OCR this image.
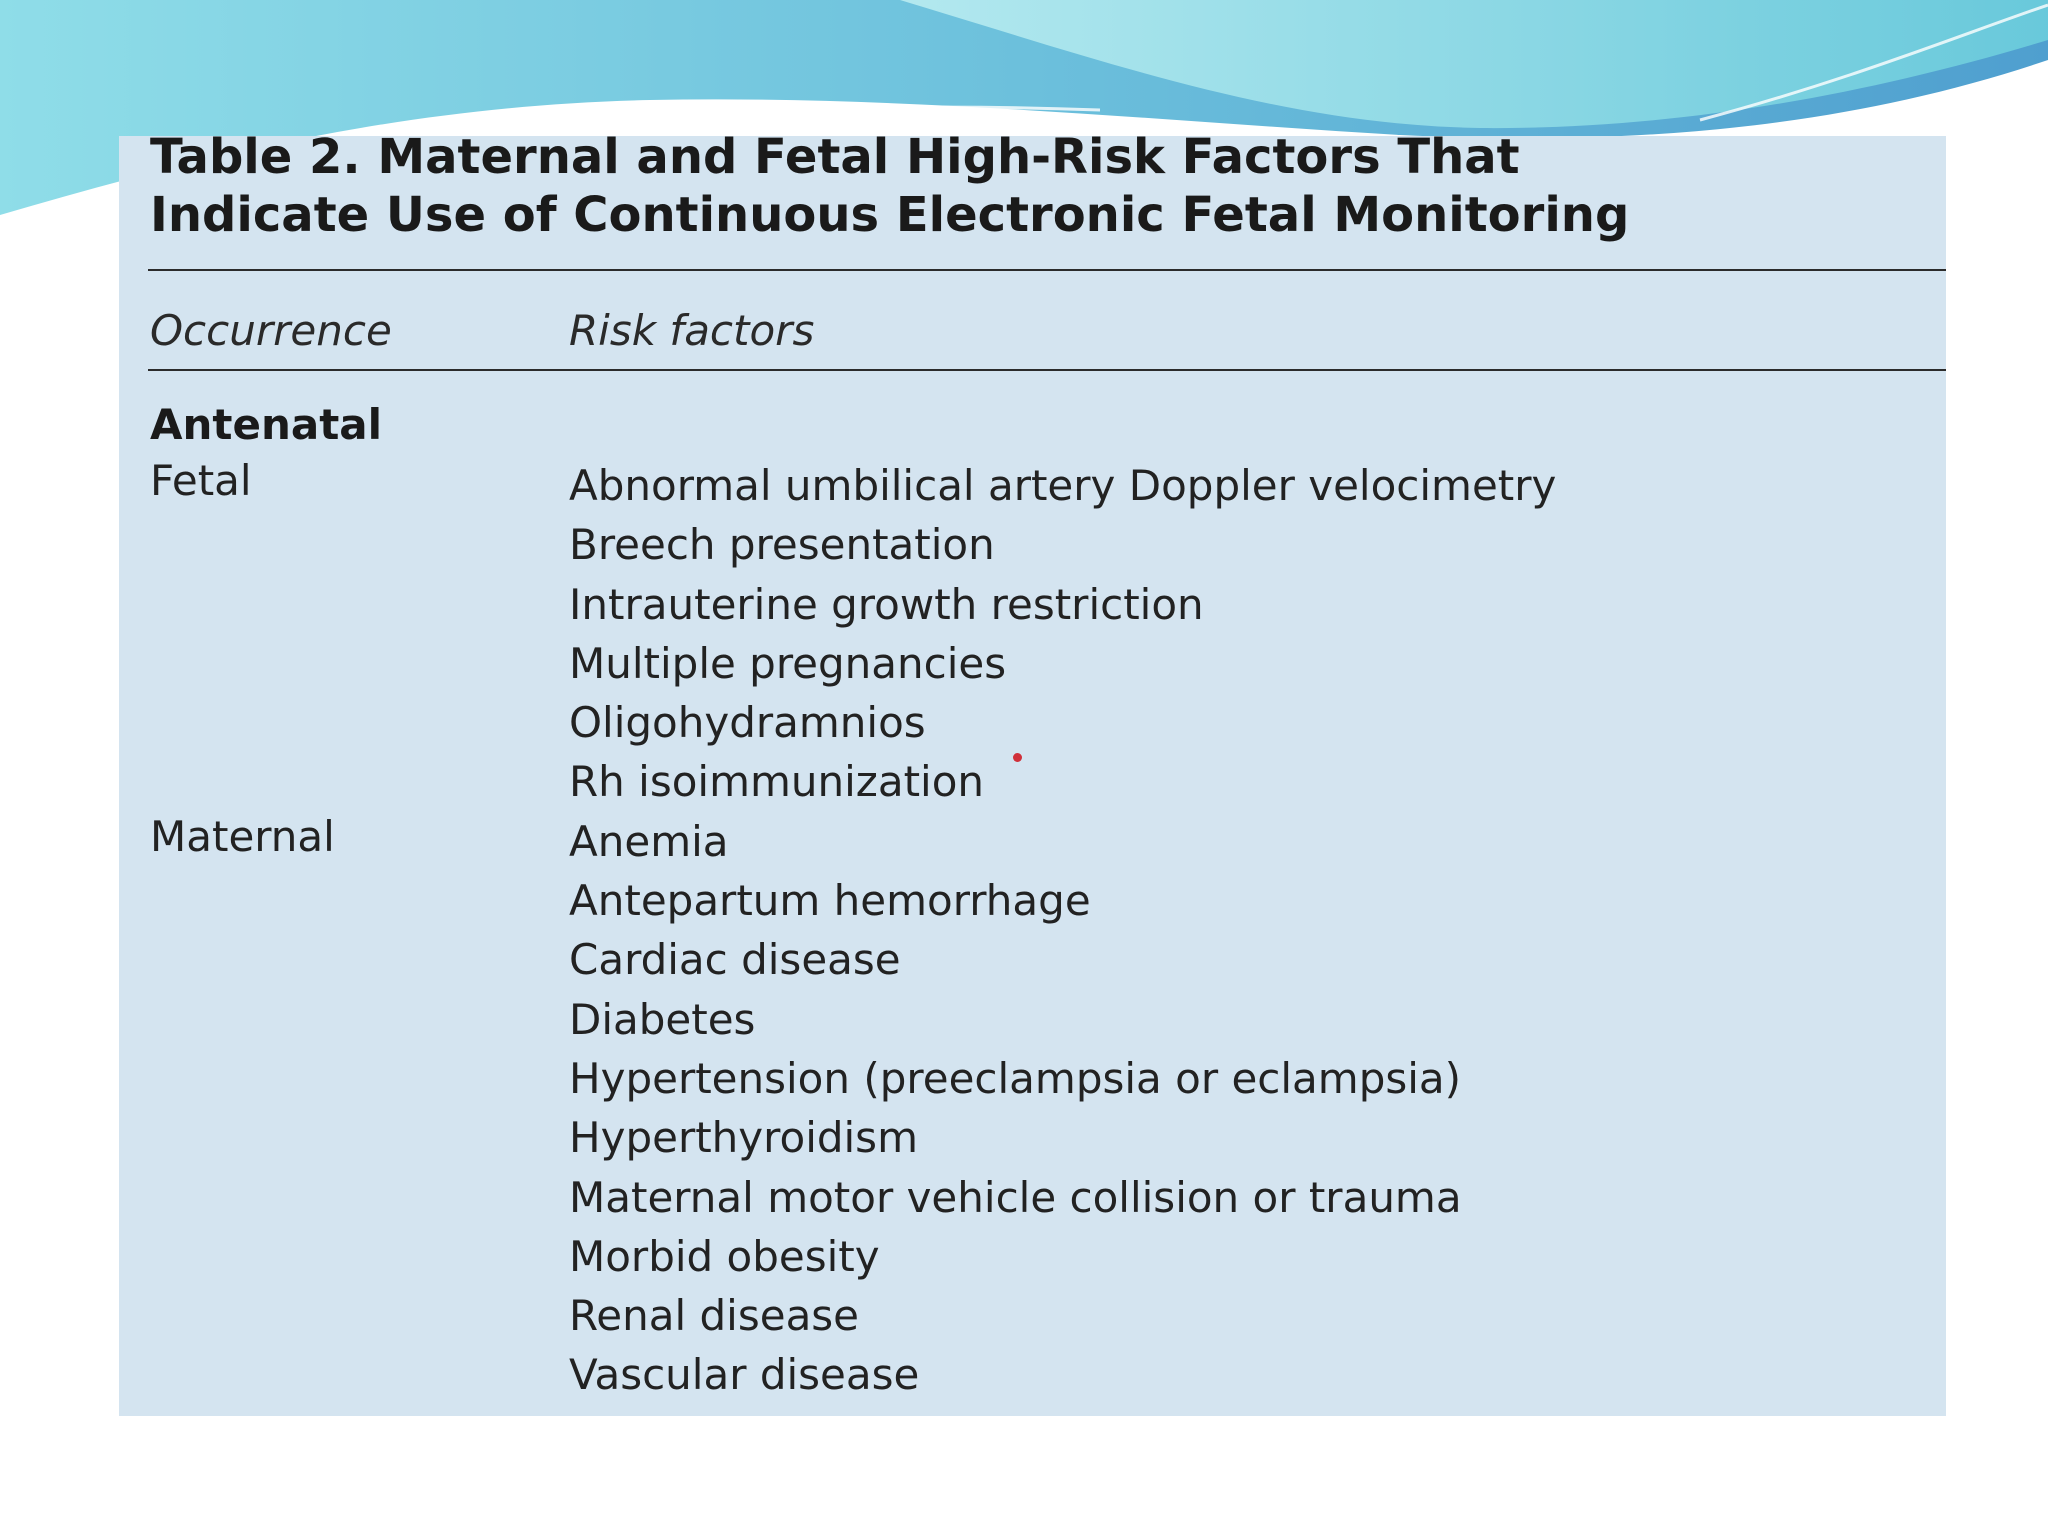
Table 2. Maternal and Fetal High-Risk Factors That
Indicate Use of Continuous Electronic Fetal Monitoring
Occurrence	Risk factors
Antenatal
Fetal
Maternal
Abnormal umbilical artery Doppler velocimetry
Breech presentation
Intrauterine growth restriction
Multiple pregnancies
Oligohydramnios
Rh isoimmunization
Anemia
Antepartum hemorrhage
Cardiac disease
Diabetes
Hypertension (preeclampsia or eclampsia)
Hyperthyroidism
Maternal motor vehicle collision or trauma
Morbid obesity
Renal disease
Vascular disease
